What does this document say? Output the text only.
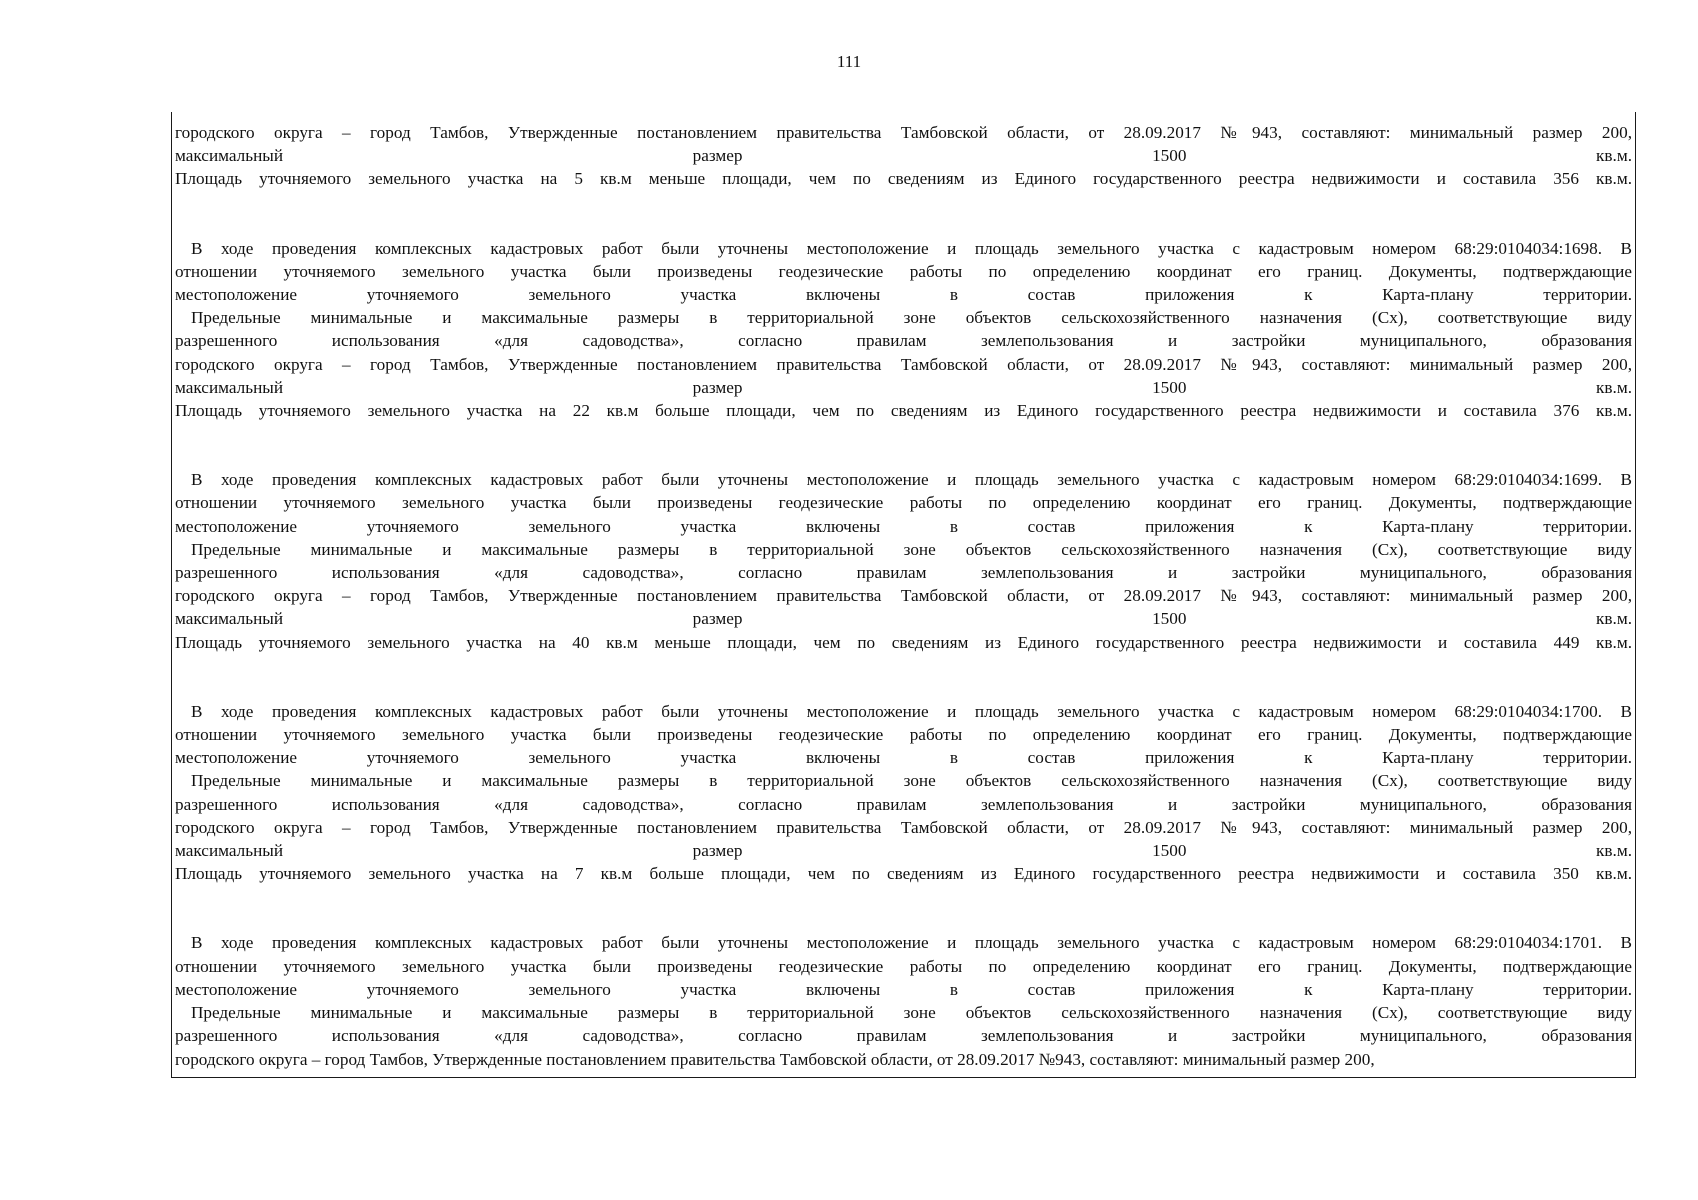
111
городского округа – город Тамбов, Утвержденные постановлением правительства Тамбовской области, от 28.09.2017 №943, составляют: минимальный размер 200,
максимальный размер 1500 кв.м.
Площадь уточняемого земельного участка на 5 кв.м меньше площади, чем по сведениям из Единого государственного реестра недвижимости и составила 356 кв.м.
В ходе проведения комплексных кадастровых работ были уточнены местоположение и площадь земельного участка с кадастровым номером 68:29:0104034:1698. В
отношении уточняемого земельного участка были произведены геодезические работы по определению координат его границ. Документы, подтверждающие
местоположение уточняемого земельного участка включены в состав приложения к Карта-плану территории.
Предельные минимальные и максимальные размеры в территориальной зоне объектов сельскохозяйственного назначения (Сх), соответствующие виду
разрешенного использования «для садоводства», согласно правилам землепользования и застройки муниципального, образования
городского округа – город Тамбов, Утвержденные постановлением правительства Тамбовской области, от 28.09.2017 №943, составляют: минимальный размер 200,
максимальный размер 1500 кв.м.
Площадь уточняемого земельного участка на 22 кв.м больше площади, чем по сведениям из Единого государственного реестра недвижимости и составила 376 кв.м.
В ходе проведения комплексных кадастровых работ были уточнены местоположение и площадь земельного участка с кадастровым номером 68:29:0104034:1699. В
отношении уточняемого земельного участка были произведены геодезические работы по определению координат его границ. Документы, подтверждающие
местоположение уточняемого земельного участка включены в состав приложения к Карта-плану территории.
Предельные минимальные и максимальные размеры в территориальной зоне объектов сельскохозяйственного назначения (Сх), соответствующие виду
разрешенного использования «для садоводства», согласно правилам землепользования и застройки муниципального, образования
городского округа – город Тамбов, Утвержденные постановлением правительства Тамбовской области, от 28.09.2017 №943, составляют: минимальный размер 200,
максимальный размер 1500 кв.м.
Площадь уточняемого земельного участка на 40 кв.м меньше площади, чем по сведениям из Единого государственного реестра недвижимости и составила 449 кв.м.
В ходе проведения комплексных кадастровых работ были уточнены местоположение и площадь земельного участка с кадастровым номером 68:29:0104034:1700. В
отношении уточняемого земельного участка были произведены геодезические работы по определению координат его границ. Документы, подтверждающие
местоположение уточняемого земельного участка включены в состав приложения к Карта-плану территории.
Предельные минимальные и максимальные размеры в территориальной зоне объектов сельскохозяйственного назначения (Сх), соответствующие виду
разрешенного использования «для садоводства», согласно правилам землепользования и застройки муниципального, образования
городского округа – город Тамбов, Утвержденные постановлением правительства Тамбовской области, от 28.09.2017 №943, составляют: минимальный размер 200,
максимальный размер 1500 кв.м.
Площадь уточняемого земельного участка на 7 кв.м больше площади, чем по сведениям из Единого государственного реестра недвижимости и составила 350 кв.м.
В ходе проведения комплексных кадастровых работ были уточнены местоположение и площадь земельного участка с кадастровым номером 68:29:0104034:1701. В
отношении уточняемого земельного участка были произведены геодезические работы по определению координат его границ. Документы, подтверждающие
местоположение уточняемого земельного участка включены в состав приложения к Карта-плану территории.
Предельные минимальные и максимальные размеры в территориальной зоне объектов сельскохозяйственного назначения (Сх), соответствующие виду
разрешенного использования «для садоводства», согласно правилам землепользования и застройки муниципального, образования
городского округа – город Тамбов, Утвержденные постановлением правительства Тамбовской области, от 28.09.2017 №943, составляют: минимальный размер 200,
